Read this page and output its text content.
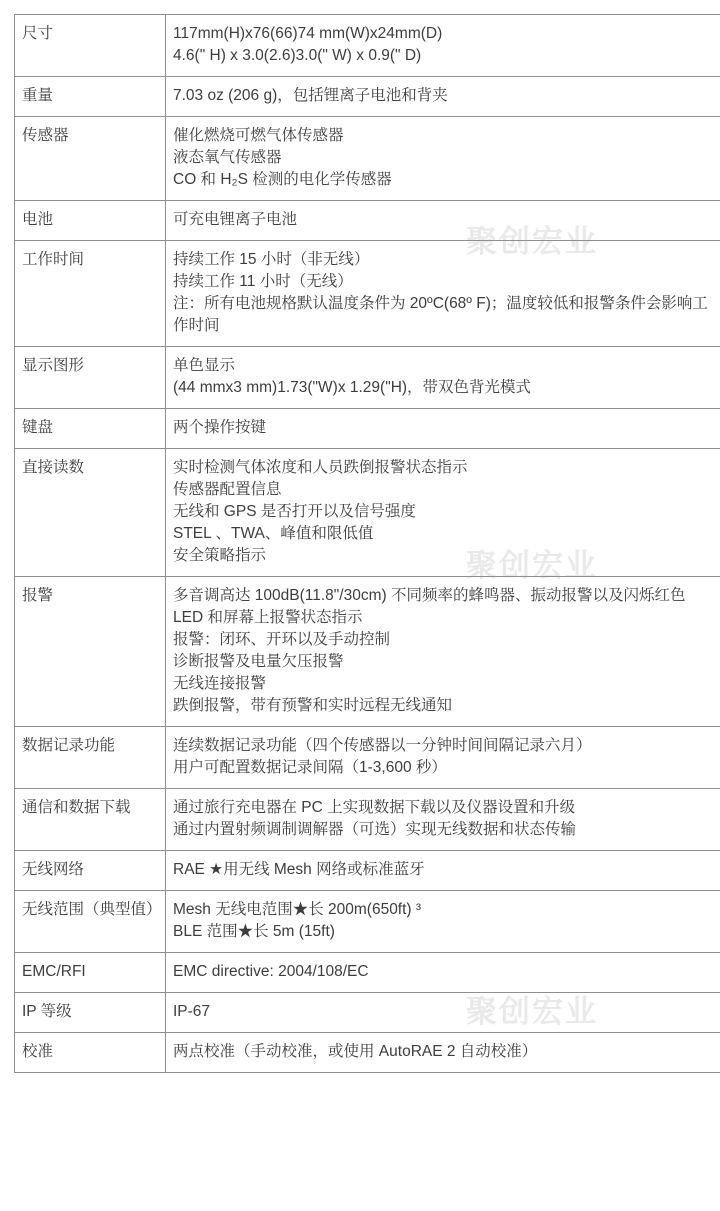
聚创宏业
聚创宏业
聚创宏业
尺寸	117mm(H)x76(66)74 mm(W)x24mm(D)
4.6(" H) x 3.0(2.6)3.0(" W) x 0.9(" D)

重量	7.03 oz (206 g)，包括锂离子电池和背夹

传感器	催化燃烧可燃气体传感器
液态氧气传感器
CO 和 H₂S 检测的电化学传感器

电池	可充电锂离子电池

工作时间	持续工作 15 小时（非无线）
持续工作 11 小时（无线）
注：所有电池规格默认温度条件为 20ºC(68º F)；温度较低和报警条件会影响工作时间

显示图形	单色显示
(44 mmx3 mm)1.73("W)x 1.29("H)，带双色背光模式

键盘	两个操作按键

直接读数	实时检测气体浓度和人员跌倒报警状态指示
传感器配置信息
无线和 GPS 是否打开以及信号强度
STEL 、TWA、峰值和限低值
安全策略指示

报警	多音调高达 100dB(11.8"/30cm) 不同频率的蜂鸣器、振动报警以及闪烁红色 LED 和屏幕上报警状态指示
报警：闭环、开环以及手动控制
诊断报警及电量欠压报警
无线连接报警
跌倒报警，带有预警和实时远程无线通知

数据记录功能	连续数据记录功能（四个传感器以一分钟时间间隔记录六月）
用户可配置数据记录间隔（1-3,600 秒）

通信和数据下载	通过旅行充电器在 PC 上实现数据下载以及仪器设置和升级
通过内置射频调制调解器（可选）实现无线数据和状态传输

无线网络	RAE ★用无线 Mesh 网络或标准蓝牙

无线范围（典型值）	Mesh 无线电范围★长 200m(650ft) ³
BLE 范围★长 5m (15ft)

EMC/RFI	EMC directive: 2004/108/EC

IP 等级	IP-67

校准	两点校准（手动校准，或使用 AutoRAE 2 自动校准）
